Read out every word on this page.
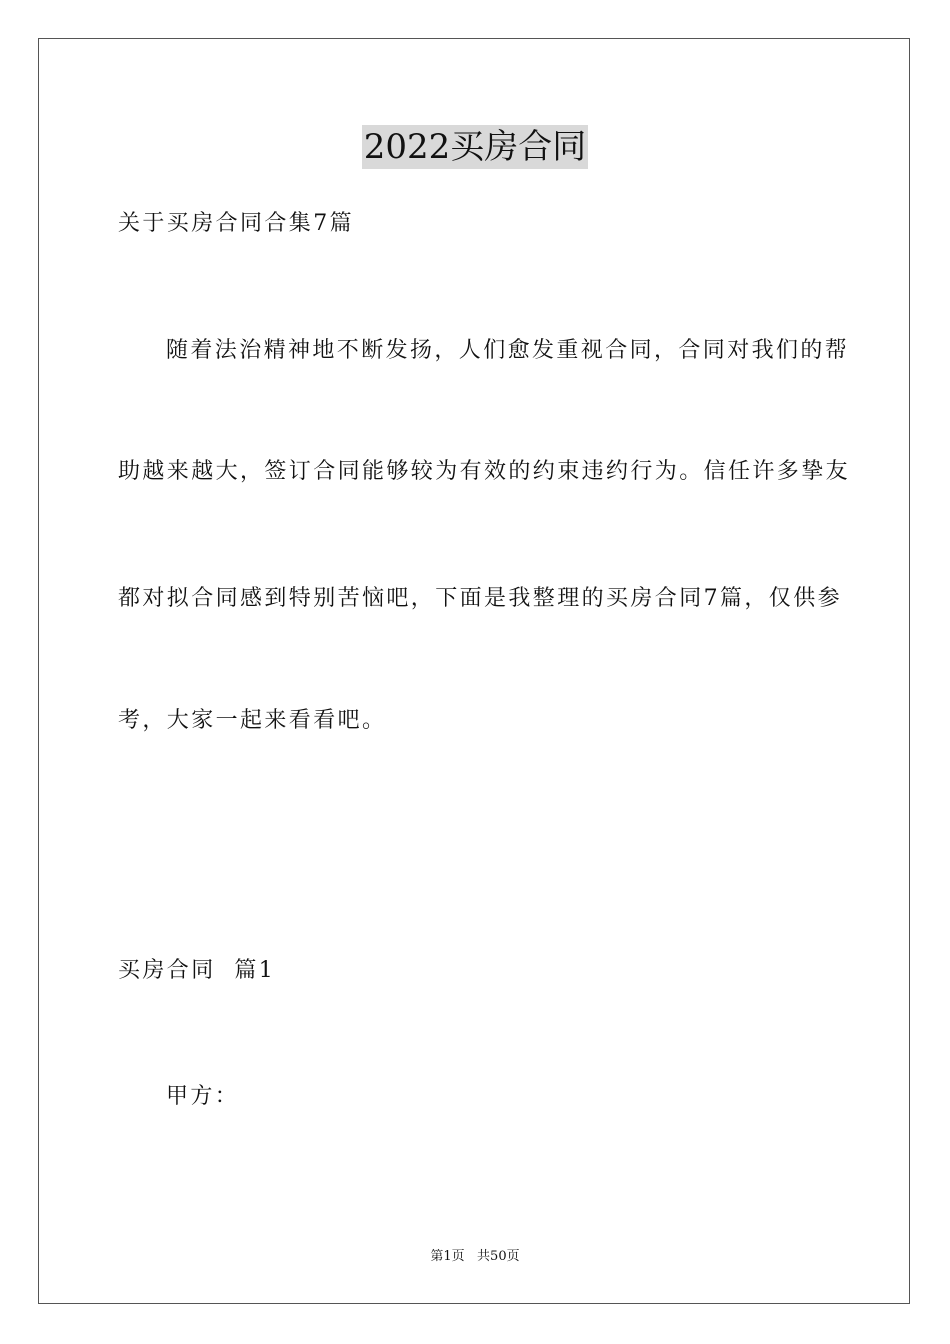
2022买房合同
关于买房合同合集7篇
随着法治精神地不断发扬，人们愈发重视合同，合同对我们的帮
助越来越大，签订合同能够较为有效的约束违约行为。信任许多挚友
都对拟合同感到特别苦恼吧，下面是我整理的买房合同7篇，仅供参
考，大家一起来看看吧。
买房合同  篇1
甲方：
第1页   共50页
